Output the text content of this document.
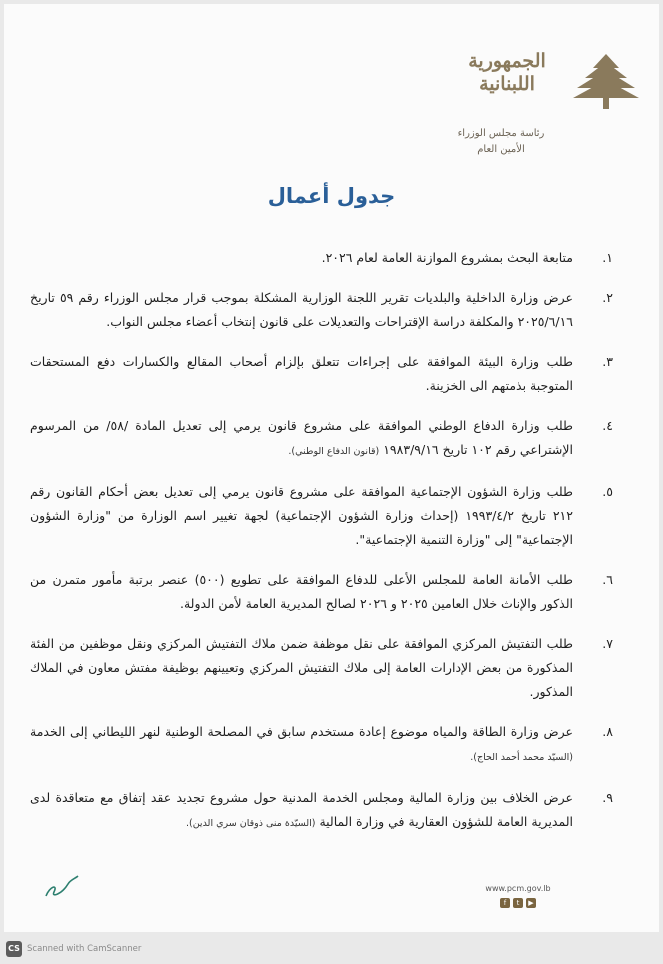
الجمهورية
اللبنانية
رئاسة مجلس الوزراء
الأمين العام
جدول أعمال
١.
متابعة البحث بمشروع الموازنة العامة لعام ٢٠٢٦.
٢.
عرض وزارة الداخلية والبلديات تقرير اللجنة الوزارية المشكلة بموجب قرار مجلس الوزراء رقم ٥٩ تاريخ ٢٠٢٥/٦/١٦ والمكلفة دراسة الإقتراحات والتعديلات على قانون إنتخاب أعضاء مجلس النواب.
٣.
طلب وزارة البيئة الموافقة على إجراءات تتعلق بإلزام أصحاب المقالع والكسارات دفع المستحقات المتوجبة بذمتهم الى الخزينة.
٤.
طلب وزارة الدفاع الوطني الموافقة على مشروع قانون يرمي إلى تعديل المادة /٥٨/ من المرسوم الإشتراعي رقم ١٠٢ تاريخ ١٩٨٣/٩/١٦ (قانون الدفاع الوطني).
٥.
طلب وزارة الشؤون الإجتماعية الموافقة على مشروع قانون يرمي إلى تعديل بعض أحكام القانون رقم ٢١٢ تاريخ ١٩٩٣/٤/٢ (إحداث وزارة الشؤون الإجتماعية) لجهة تغيير اسم الوزارة من "وزارة الشؤون الإجتماعية" إلى "وزارة التنمية الإجتماعية".
٦.
طلب الأمانة العامة للمجلس الأعلى للدفاع الموافقة على تطويع (٥٠٠) عنصر برتبة مأمور متمرن من الذكور والإناث خلال العامين ٢٠٢٥ و ٢٠٢٦ لصالح المديرية العامة لأمن الدولة.
٧.
طلب التفتيش المركزي الموافقة على نقل موظفة ضمن ملاك التفتيش المركزي ونقل موظفين من الفئة المذكورة من بعض الإدارات العامة إلى ملاك التفتيش المركزي وتعيينهم بوظيفة مفتش معاون في الملاك المذكور.
٨.
عرض وزارة الطاقة والمياه موضوع إعادة مستخدم سابق في المصلحة الوطنية لنهر الليطاني إلى الخدمة (السيّد محمد أحمد الحاج).
٩.
عرض الخلاف بين وزارة المالية ومجلس الخدمة المدنية حول مشروع تجديد عقد إتفاق مع متعاقدة لدى المديرية العامة للشؤون العقارية في وزارة المالية (السيّدة منى ذوقان سري الدين).
www.pcm.gov.lb
f	t	▶
CS Scanned with CamScanner
